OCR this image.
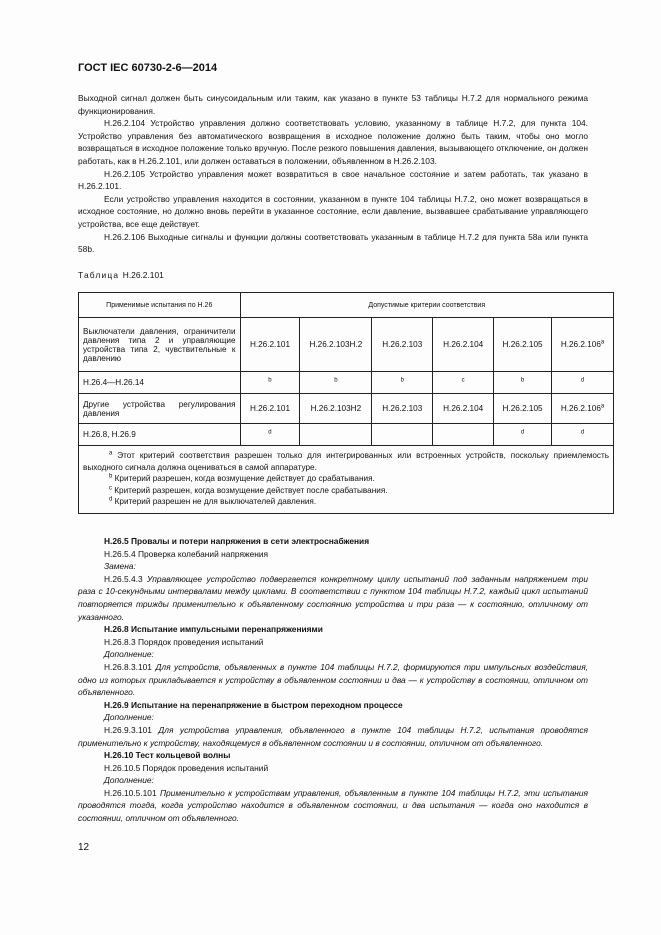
ГОСТ IEC 60730-2-6—2014

Выходной сигнал должен быть синусоидальным или таким, как указано в пункте 53 таблицы Н.7.2 для нормального режима функционирования.

Н.26.2.104 Устройство управления должно соответствовать условию, указанному в таблице Н.7.2, для пункта 104. Устройство управления без автоматического возвращения в исходное положение должно быть таким, чтобы оно могло возвращаться в исходное положение только вручную. После резкого повышения давления, вызывающего отключение, он должен работать, как в Н.26.2.101, или должен оставаться в положении, объявленном в Н.26.2.103.

Н.26.2.105 Устройство управления может возвратиться в свое начальное состояние и затем работать, так указано в Н.26.2.101.

Если устройство управления находится в состоянии, указанном в пункте 104 таблицы Н.7.2, оно может возвращаться в исходное состояние, но должно вновь перейти в указанное состояние, если давление, вызвавшее срабатывание управляющего устройства, все еще действует.

Н.26.2.106 Выходные сигналы и функции должны соответствовать указанным в таблице Н.7.2 для пункта 58а или пункта 58b.

Таблица Н.26.2.101
Применимые испытания по Н.26	Допустимые критерии соответствия					
Выключатели давления, ограничители давления типа 2 и управляющие устройства типа 2, чувствительные к давлению	Н.26.2.101	Н.26.2.103Н.2	Н.26.2.103	Н.26.2.104	Н.26.2.105	Н.26.2.106$^a$
Н.26.4—Н.26.14	$^b$	$^b$	$^b$	$^c$	$^b$	$^d$
Другие устройства регулирования давления	Н.26.2.101	Н.26.2.103Н2	Н.26.2.103	Н.26.2.104	Н.26.2.105	Н.26.2.106$^a$
Н.26.8, Н.26.9	$^d$				$^d$	$^d$

$^a$ Этот критерий соответствия разрешен только для интегрированных или встроенных устройств, поскольку приемлемость выходного сигнала должна оцениваться в самой аппаратуре.

$^b$ Критерий разрешен, когда возмущение действует до срабатывания.

$^c$ Критерий разрешен, когда возмущение действует после срабатывания.

$^d$ Критерий разрешен не для выключателей давления.						

Н.26.5 Провалы и потери напряжения в сети электроснабжения

Н.26.5.4 Проверка колебаний напряжения

Замена:

Н.26.5.4.3 Управляющее устройство подвергается конкретному циклу испытаний под заданным напряжением три раза с 10-секундными интервалами между циклами. В соответствии с пунктом 104 таблицы Н.7.2, каждый цикл испытаний повторяется трижды применительно к объявленному состоянию устройства и три раза — к состоянию, отличному от указанного.

Н.26.8 Испытание импульсными перенапряжениями

Н.26.8.3 Порядок проведения испытаний

Дополнение:

Н.26.8.3.101 Для устройств, объявленных в пункте 104 таблицы Н.7.2, формируются три импульсных воздействия, одно из которых прикладывается к устройству в объявленном состоянии и два — к устройству в состоянии, отличном от объявленного.

Н.26.9 Испытание на перенапряжение в быстром переходном процессе

Дополнение:

Н.26.9.3.101 Для устройства управления, объявленного в пункте 104 таблицы Н.7.2, испытания проводятся применительно к устройству, находящемуся в объявленном состоянии и в состоянии, отличном от объявленного.

Н.26.10 Тест кольцевой волны

Н.26.10.5 Порядок проведения испытаний

Дополнение:

Н.26.10.5.101 Применительно к устройствам управления, объявленным в пункте 104 таблицы Н.7.2, эти испытания проводятся тогда, когда устройство находится в объявленном состоянии, и два испытания — когда оно находится в состоянии, отличном от объявленного.

12
